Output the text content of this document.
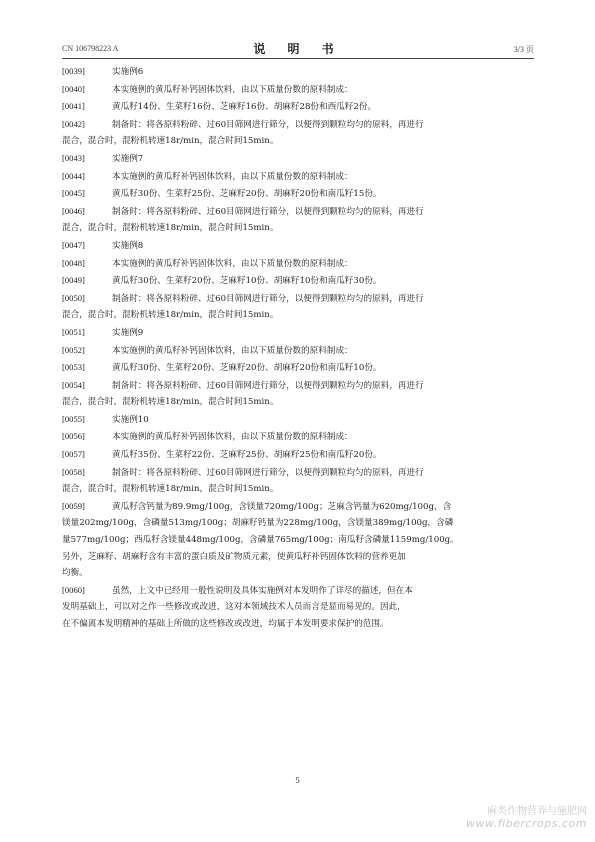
CN 106798223 A	说 明 书	3/3 页
[0039]	实施例6
[0040]	本实施例的黄瓜籽补钙固体饮料，由以下质量份数的原料制成：
[0041]	黄瓜籽14份、生菜籽16份、芝麻籽16份、胡麻籽28份和西瓜籽2份。
[0042]	制备时：将各原料粉碎、过60目筛网进行筛分，以便得到颗粒均匀的原料，再进行
混合，混合时，混粉机转速18r/min，混合时间15min。
[0043]	实施例7
[0044]	本实施例的黄瓜籽补钙固体饮料，由以下质量份数的原料制成：
[0045]	黄瓜籽30份、生菜籽25份、芝麻籽20份、胡麻籽20份和南瓜籽15份。
[0046]	制备时：将各原料粉碎、过60目筛网进行筛分，以便得到颗粒均匀的原料，再进行
混合，混合时，混粉机转速18r/min，混合时间15min。
[0047]	实施例8
[0048]	本实施例的黄瓜籽补钙固体饮料，由以下质量份数的原料制成：
[0049]	黄瓜籽30份、生菜籽20份、芝麻籽10份、胡麻籽10份和南瓜籽30份。
[0050]	制备时：将各原料粉碎、过60目筛网进行筛分，以便得到颗粒均匀的原料，再进行
混合，混合时，混粉机转速18r/min，混合时间15min。
[0051]	实施例9
[0052]	本实施例的黄瓜籽补钙固体饮料，由以下质量份数的原料制成：
[0053]	黄瓜籽30份、生菜籽20份、芝麻籽20份、胡麻籽20份和南瓜籽10份。
[0054]	制备时：将各原料粉碎、过60目筛网进行筛分，以便得到颗粒均匀的原料，再进行
混合，混合时，混粉机转速18r/min，混合时间15min。
[0055]	实施例10
[0056]	本实施例的黄瓜籽补钙固体饮料，由以下质量份数的原料制成：
[0057]	黄瓜籽35份、生菜籽22份、芝麻籽25份、胡麻籽25份和南瓜籽20份。
[0058]	制备时：将各原料粉碎、过60目筛网进行筛分，以便得到颗粒均匀的原料，再进行
混合，混合时，混粉机转速18r/min，混合时间15min。
[0059]	黄瓜籽含钙量为89.9mg/100g，含镁量720mg/100g；芝麻含钙量为620mg/100g，含
镁量202mg/100g，含磷量513mg/100g；胡麻籽钙量为228mg/100g，含镁量389mg/100g，含磷
量577mg/100g；西瓜籽含镁量448mg/100g，含磷量765mg/100g；南瓜籽含磷量1159mg/100g。
另外，芝麻籽、胡麻籽含有丰富的蛋白质及矿物质元素，使黄瓜籽补钙固体饮料的营养更加
均衡。
[0060]	虽然，上文中已经用一般性说明及具体实施例对本发明作了详尽的描述，但在本
发明基础上，可以对之作一些修改或改进，这对本领域技术人员而言是显而易见的。因此，
在不偏离本发明精神的基础上所做的这些修改或改进，均属于本发明要求保护的范围。
5
麻类作物营养与施肥网
www.fibercrops.com
